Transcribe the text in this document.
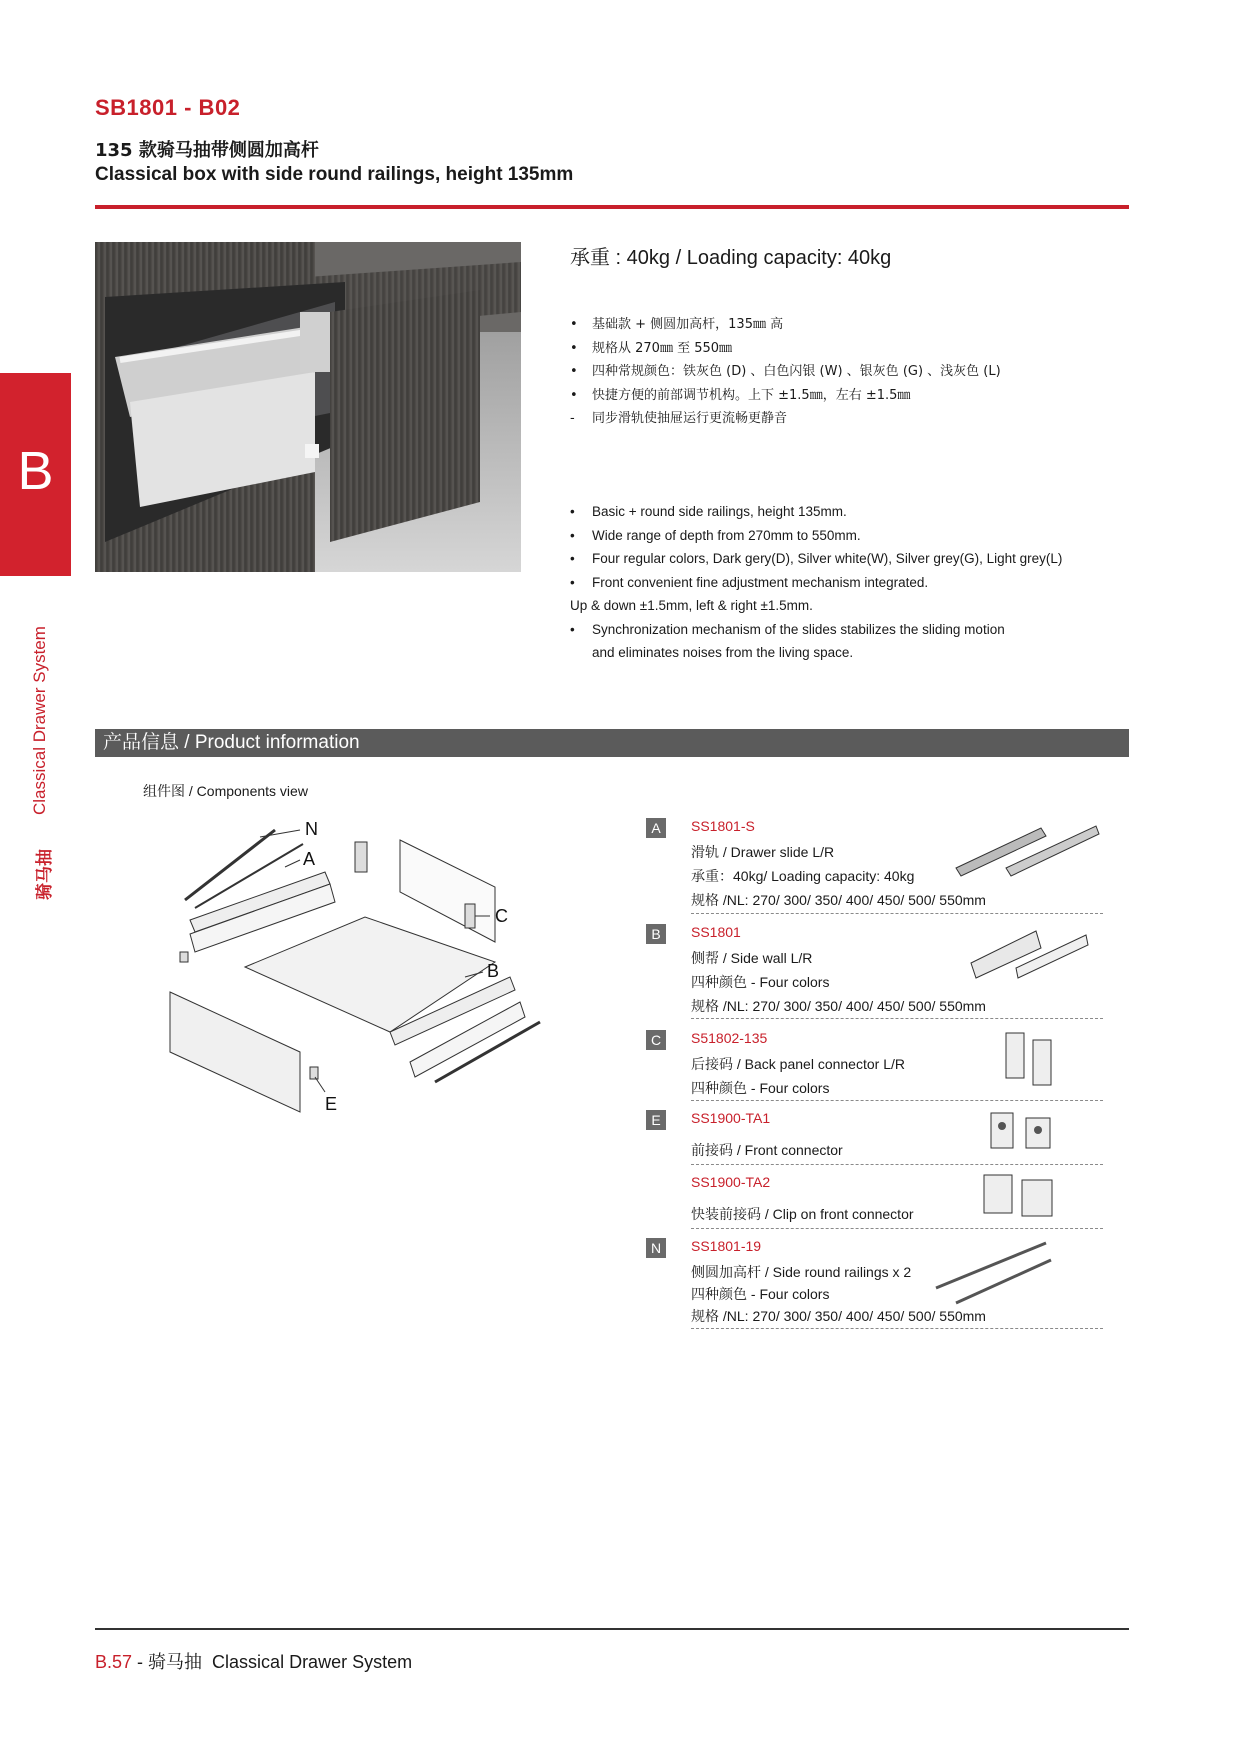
SB1801 - B02
135 款骑马抽带侧圆加高杆
Classical box with side round railings, height 135mm
B
Classical Drawer System
骑马抽
承重 : 40kg / Loading capacity: 40kg
• 基础款 + 侧圆加高杆，135㎜ 高
• 规格从 270㎜ 至 550㎜
• 四种常规颜色：铁灰色 (D) 、白色闪银 (W) 、银灰色 (G) 、浅灰色 (L)
• 快捷方便的前部调节机构。上下 ±1.5㎜，左右 ±1.5㎜
- 同步滑轨使抽屉运行更流畅更静音
• Basic + round side railings, height 135mm.
• Wide range of depth from 270mm to 550mm.
• Four regular colors, Dark gery(D), Silver white(W), Silver grey(G), Light grey(L)
• Front convenient fine adjustment mechanism integrated.
Up & down ±1.5mm, left & right ±1.5mm.
• Synchronization mechanism of the slides stabilizes the sliding motion
and eliminates noises from the living space.
产品信息 / Product information
组件图 / Components view
N
A
C
B
E
A	SS1801-S
滑轨 / Drawer slide L/R
承重：40kg/ Loading capacity: 40kg
规格 /NL: 270/ 300/ 350/ 400/ 450/ 500/ 550mm
B	SS1801
侧帮 / Side wall L/R
四种颜色 - Four colors
规格 /NL: 270/ 300/ 350/ 400/ 450/ 500/ 550mm
C	S51802-135
后接码 / Back panel connector L/R
四种颜色 - Four colors
E	SS1900-TA1
前接码 / Front connector
SS1900-TA2
快装前接码 / Clip on front connector
N	SS1801-19
侧圆加高杆 / Side round railings x 2
四种颜色 - Four colors
规格 /NL: 270/ 300/ 350/ 400/ 450/ 500/ 550mm
B.57 - 骑马抽 Classical Drawer System
